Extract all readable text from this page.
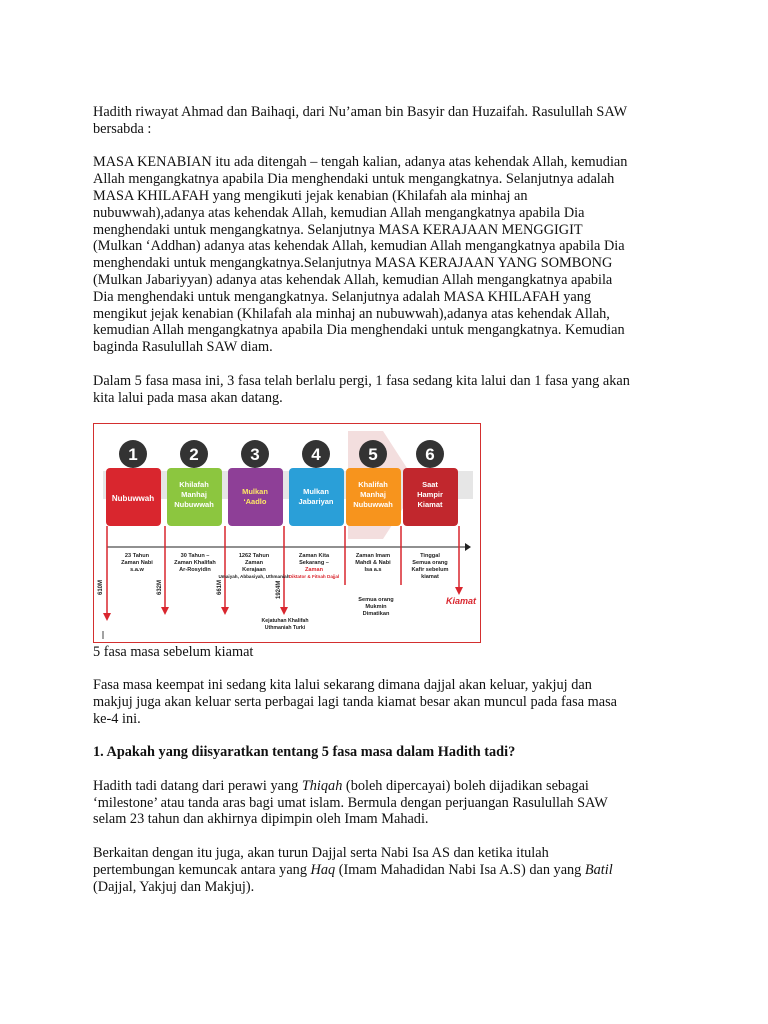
Hadith riwayat Ahmad dan Baihaqi, dari Nu’aman bin Basyir dan Huzaifah. Rasulullah SAW

bersabda :

MASA KENABIAN itu ada ditengah – tengah kalian, adanya atas kehendak Allah, kemudian

Allah mengangkatnya apabila Dia menghendaki untuk mengangkatnya. Selanjutnya adalah

MASA KHILAFAH yang mengikuti jejak kenabian (Khilafah ala minhaj an

nubuwwah),adanya atas kehendak Allah, kemudian Allah mengangkatnya apabila Dia

menghendaki untuk mengangkatnya. Selanjutnya MASA KERAJAAN MENGGIGIT

(Mulkan ‘Addhan) adanya atas kehendak Allah, kemudian Allah mengangkatnya apabila Dia

menghendaki untuk mengangkatnya.Selanjutnya MASA KERAJAAN YANG SOMBONG

(Mulkan Jabariyyan) adanya atas kehendak Allah, kemudian Allah mengangkatnya apabila

Dia menghendaki untuk mengangkatnya. Selanjutnya adalah MASA KHILAFAH yang

mengikut jejak kenabian (Khilafah ala minhaj an nubuwwah),adanya atas kehendak Allah,

kemudian Allah mengangkatnya apabila Dia menghendaki untuk mengangkatnya. Kemudian

baginda Rasulullah SAW diam.

Dalam 5 fasa masa ini, 3 fasa telah berlalu pergi, 1 fasa sedang kita lalui dan 1 fasa yang akan

kita lalui pada masa akan datang.

1
Nubuwwah
2
Khilafah
Manhaj
Nubuwwah
3
Mulkan
‘Aadlo
4
Mulkan
Jabariyan
5
Khalifah
Manhaj
Nubuwwah
6
Saat
Hampir
Kiamat
610M	632M	661M	1924M
23 Tahun
Zaman Nabi
s.a.w
30 Tahun –
Zaman Khalifah
Ar-Rosyidin
1262 Tahun
Zaman
Kerajaan
Umaiyah, Abbasiyah, Uthmaniah
Zaman Kita
Sekarang –
Zaman
Diktator & Fitnah Dajjal
Zaman Imam
Mahdi & Nabi
Isa a.s
Tinggal
Semua orang
Kafir sebelum
kiamat
Semua orang
Mukmin
Dimatikan
Kejatuhan Khalifah
Uthmaniah Turki
Kiamat

5 fasa masa sebelum kiamat

Fasa masa keempat ini sedang kita lalui sekarang dimana dajjal akan keluar, yakjuj dan

makjuj juga akan keluar serta perbagai lagi tanda kiamat besar akan muncul pada fasa masa

ke-4 ini.

1. Apakah yang diisyaratkan tentang 5 fasa masa dalam Hadith tadi?

Hadith tadi datang dari perawi yang Thiqah (boleh dipercayai) boleh dijadikan sebagai

‘milestone’ atau tanda aras bagi umat islam. Bermula dengan perjuangan Rasulullah SAW

selam 23 tahun dan akhirnya dipimpin oleh Imam Mahadi.

Berkaitan dengan itu juga, akan turun Dajjal serta Nabi Isa AS dan ketika itulah

pertembungan kemuncak antara yang Haq (Imam Mahadidan Nabi Isa A.S) dan yang Batil

(Dajjal, Yakjuj dan Makjuj).
